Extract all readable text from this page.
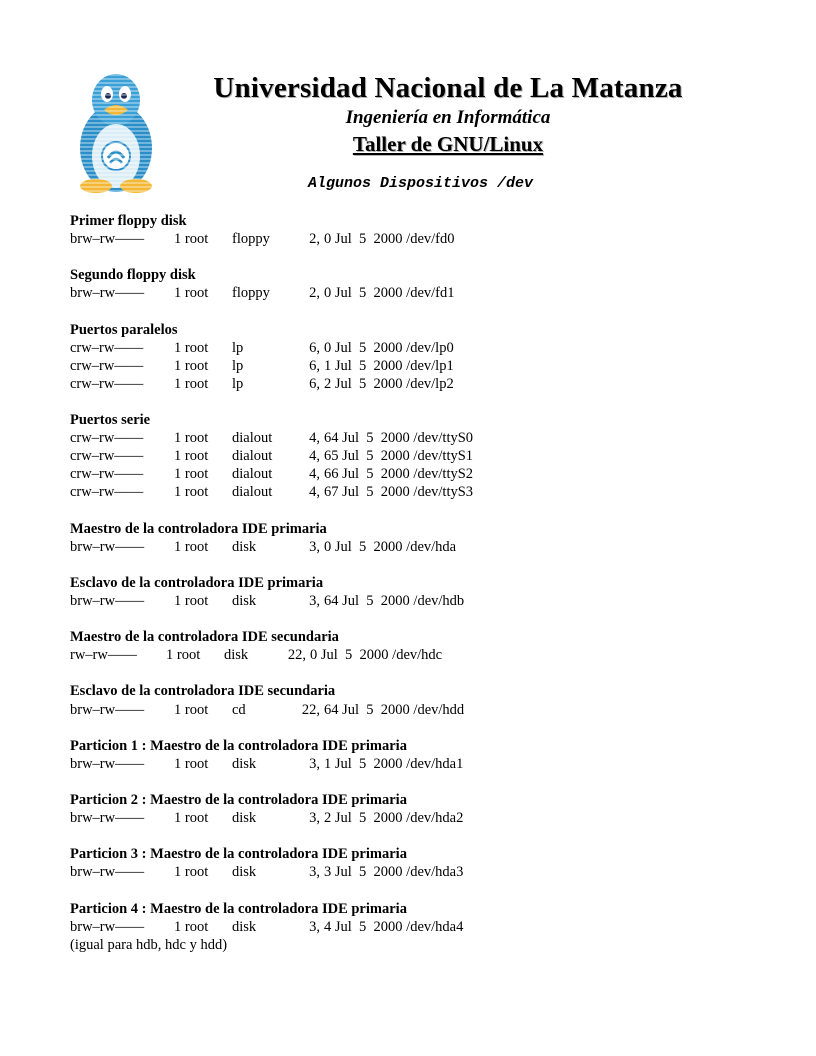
Universidad Nacional de La Matanza
Ingeniería en Informática
Taller de GNU/Linux
Algunos Dispositivos /dev
Primer floppy disk
brw–rw–––– 1 root floppy	2, 0 Jul  5  2000 /dev/fd0
Segundo floppy disk
brw–rw–––– 1 root floppy	2, 0 Jul  5  2000 /dev/fd1
Puertos paralelos
crw–rw–––– 1 root lp	6, 0 Jul  5  2000 /dev/lp0
crw–rw–––– 1 root lp	6, 1 Jul  5  2000 /dev/lp1
crw–rw–––– 1 root lp	6, 2 Jul  5  2000 /dev/lp2
Puertos serie
crw–rw–––– 1 root dialout	4, 64 Jul  5  2000 /dev/ttyS0
crw–rw–––– 1 root dialout	4, 65 Jul  5  2000 /dev/ttyS1
crw–rw–––– 1 root dialout	4, 66 Jul  5  2000 /dev/ttyS2
crw–rw–––– 1 root dialout	4, 67 Jul  5  2000 /dev/ttyS3
Maestro de la controladora IDE primaria
brw–rw–––– 1 root disk	3, 0 Jul  5  2000 /dev/hda
Esclavo de la controladora IDE primaria
brw–rw–––– 1 root disk	3, 64 Jul  5  2000 /dev/hdb
Maestro de la controladora IDE secundaria
rw–rw–––– 1 root disk	22, 0 Jul  5  2000 /dev/hdc
Esclavo de la controladora IDE secundaria
brw–rw–––– 1 root cd	22, 64 Jul  5  2000 /dev/hdd
Particion 1 : Maestro de la controladora IDE primaria
brw–rw–––– 1 root disk	3, 1 Jul  5  2000 /dev/hda1
Particion 2 : Maestro de la controladora IDE primaria
brw–rw–––– 1 root disk	3, 2 Jul  5  2000 /dev/hda2
Particion 3 : Maestro de la controladora IDE primaria
brw–rw–––– 1 root disk	3, 3 Jul  5  2000 /dev/hda3
Particion 4 : Maestro de la controladora IDE primaria
brw–rw–––– 1 root disk	3, 4 Jul  5  2000 /dev/hda4
(igual para hdb, hdc y hdd)
